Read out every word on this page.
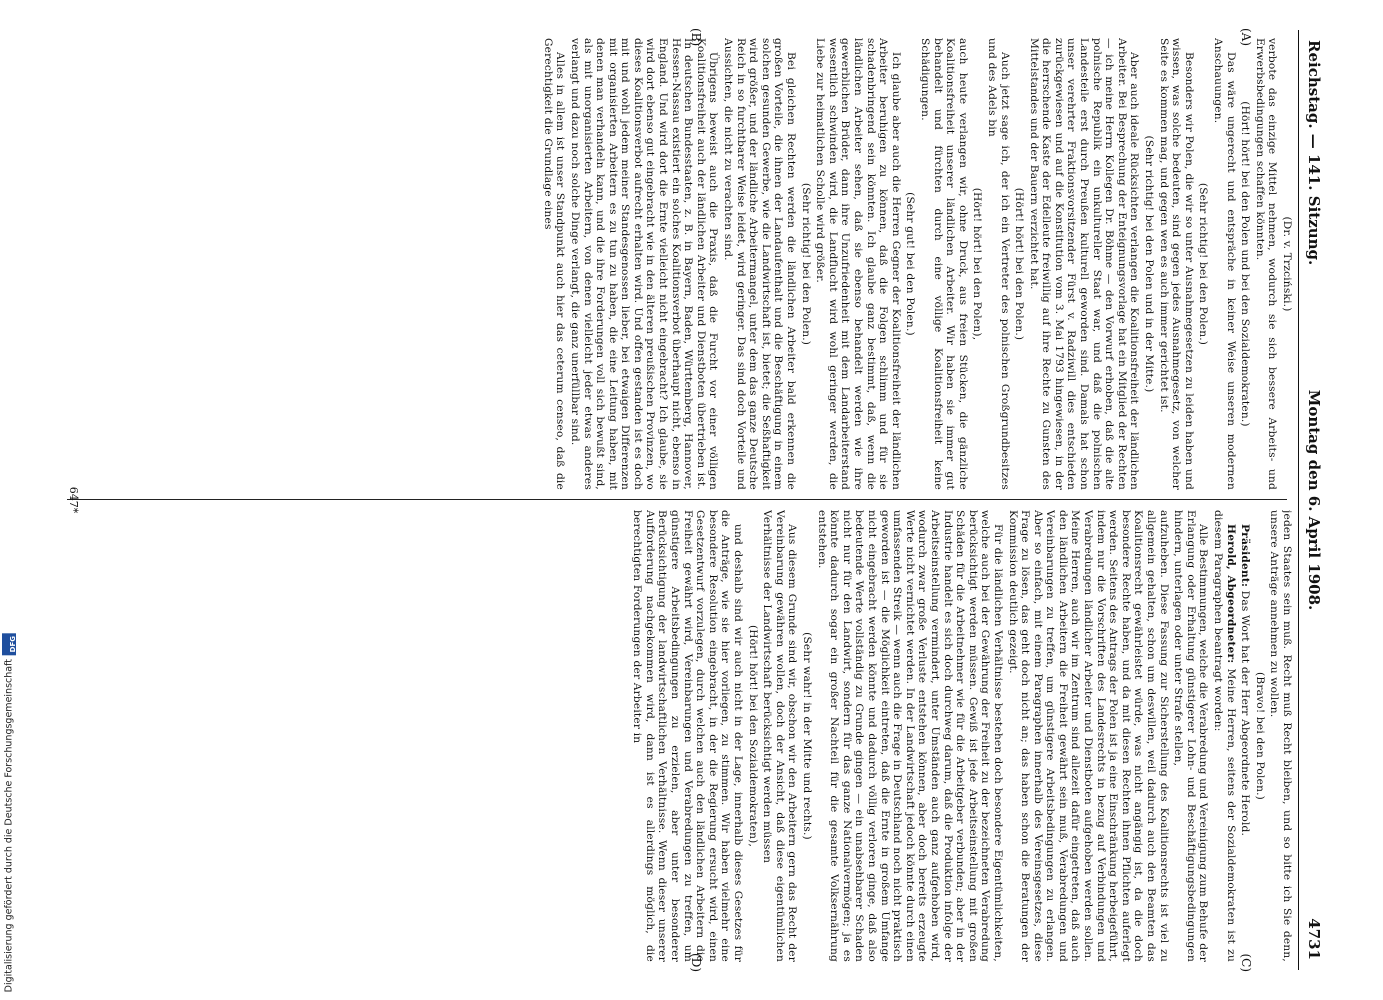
Reichstag. — 141. Sitzung.
Montag den 6. April 1908.
4731

(Dr. v. Trzciński.)

verbote das einzige Mittel nehmen, wodurch sie sich bessere Arbeits- und Erwerbsbedingungen schaffen könnten.

(Hört! hört! bei den Polen und bei den Sozialdemokraten.)

Das wäre ungerecht und entspräche in keiner Weise unseren modernen Anschauungen.

(Sehr richtig! bei den Polen.)

Besonders wir Polen, die wir so unter Ausnahmegesetzen zu leiden haben und wissen, was solche bedeuten, sind gegen jedes Ausnahmegesetz, von welcher Seite es kommen mag, und gegen wen es auch immer gerichtet ist.

(Sehr richtig! bei den Polen und in der Mitte.)

Aber auch ideale Rücksichten verlangen die Koalitionsfreiheit der ländlichen Arbeiter. Bei Besprechung der Enteignungsvorlage hat ein Mitglied der Rechten — ich meine Herrn Kollegen Dr. Böhme — den Vorwurf erhoben, daß die alte polnische Republik ein unkultureller Staat war, und daß die polnischen Landesteile erst durch Preußen kulturell geworden sind. Damals hat schon unser verehrter Fraktionsvorsitzender Fürst v. Radziwill dies entschieden zurückgewiesen und auf die Konstitution vom 3. Mai 1793 hingewiesen, in der die herrschende Kaste der Edelleute freiwillig auf ihre Rechte zu Gunsten des Mittelstandes und der Bauern verzichtet hat.

(Hört! hört! bei den Polen.)

Auch jetzt sage ich, der ich ein Vertreter des polnischen Großgrundbesitzes und des Adels bin

(Hört! hört! bei den Polen),

auch heute verlangen wir, ohne Druck, aus freien Stücken, die gänzliche Koalitionsfreiheit unserer ländlichen Arbeiter. Wir haben sie immer gut behandelt und fürchten durch eine völlige Koalitionsfreiheit keine Schädigungen.

(Sehr gut! bei den Polen.)

Ich glaube aber auch die Herren Gegner der Koalitionsfreiheit der ländlichen Arbeiter beruhigen zu können, daß die Folgen schlimm und für sie schadenbringend sein könnten. Ich glaube ganz bestimmt, daß, wenn die ländlichen Arbeiter sehen, daß sie ebenso behandelt werden wie ihre gewerblichen Brüder, dann ihre Unzufriedenheit mit dem Landarbeiterstand wesentlich schwinden wird, die Landflucht wird wohl geringer werden, die Liebe zur heimatlichen Scholle wird größer.

(Sehr richtig! bei den Polen.)

Bei gleichen Rechten werden die ländlichen Arbeiter bald erkennen die großen Vorteile, die ihnen der Landaufenthalt und die Beschäftigung in einem solchen gesunden Gewerbe, wie die Landwirtschaft ist, bietet; die Seßhaftigkeit wird größer, und der ländliche Arbeitermangel, unter dem das ganze Deutsche Reich in so furchtbarer Weise leidet, wird geringer. Das sind doch Vorteile und Aussichten, die nicht zu verachten sind.

Übrigens beweist auch die Praxis, daß die Furcht vor einer völligen Koalitionsfreiheit auch der ländlichen Arbeiter und Dienstboten übertrieben ist. In deutschen Bundesstaaten, z. B. in Bayern, Baden, Württemberg, Hannover, Hessen-Nassau existiert ein solches Koalitionsverbot überhaupt nicht, ebenso in England. Und wird dort die Ernte vielleicht nicht eingebracht? Ich glaube, sie wird dort ebenso gut eingebracht wie in den älteren preußischen Provinzen, wo dieses Koalitionsverbot aufrecht erhalten wird. Und offen gestanden ist es doch mit und wohl jedem meiner Standesgenossen lieber, bei etwaigen Differenzen mit organisierten Arbeitern es zu tun zu haben, die eine Leitung haben, mit denen man verhandeln kann, und die ihre Forderungen voll sich bewußt sind, als mit unorganisierten Arbeitern, von denen vielleicht jeder etwas anderes verlangt und dazu noch solche Dinge verlangt, die ganz unerfüllbar sind.

Alles in allem ist unser Standpunkt auch hier das ceterum censeo, daß die Gerechtigkeit die Grundlage eines

jeden Staates sein muß. Recht muß Recht bleiben, und so bitte ich Sie denn, unsere Anträge annehmen zu wollen.

(Bravo! bei den Polen.)

Präsident: Das Wort hat der Herr Abgeordnete Herold.

Herold, Abgeordneter: Meine Herren, seitens der Sozialdemokraten ist zu diesem Paragraphen beantragt worden:

Alle Bestimmungen, welche die Verabredung und Vereinigung zum Behufe der Erlangung oder Erhaltung günstigerer Lohn- und Beschäftigungsbedingungen hindern, unterlagen oder unter Strafe stellen,

aufzuheben. Diese Fassung zur Sicherstellung des Koalitionsrechts ist viel zu allgemein gehalten, schon um deswillen, weil dadurch auch den Beamten das Koalitionsrecht gewährleistet würde, was nicht angängig ist, da die doch besondere Rechte haben, und da mit diesen Rechten ihnen Pflichten auferlegt werden. Seitens des Antrags der Polen ist ja eine Einschränkung herbeigeführt, indem nur die Vorschriften des Landesrechts in bezug auf Verbindungen und Verabredungen ländlicher Arbeiter und Dienstboten aufgehoben werden sollen. Meine Herren, auch wir im Zentrum sind allezeit dafür eingetreten, daß auch den ländlichen Arbeitern die Freiheit gewährt sein muß, Verabredungen und Vereinbarungen zu treffen, um günstigere Arbeitsbedingungen zu erlangen. Aber so einfach, mit einem Paragraphen innerhalb des Vereinsgesetzes, diese Frage zu lösen, das geht doch nicht an; das haben schon die Beratungen der Kommission deutlich gezeigt.

Für die ländlichen Verhältnisse bestehen doch besondere Eigentümlichkeiten, welche auch bei der Gewährung der Freiheit zu der bezeichneten Verabredung berücksichtigt werden müssen. Gewiß ist jede Arbeitseinstellung mit großen Schäden für die Arbeitnehmer wie für die Arbeitgeber verbunden; aber in der Industrie handelt es sich doch durchweg darum, daß die Produktion infolge der Arbeitseinstellung vermindert, unter Umständen auch ganz aufgehoben wird, wodurch zwar große Verluste entstehen können, aber doch bereits erzeugte Werte nicht vernichtet werden. In der Landwirtschaft jedoch könnte durch einen umfassenden Streik — wenn auch die Frage in Deutschland noch nicht praktisch geworden ist — die Möglichkeit eintreten, daß die Ernte in großem Umfange nicht eingebracht werden könnte und dadurch völlig verloren ginge, daß also bedeutende Werte vollständig zu Grunde gingen — ein unabsehbarer Schaden nicht nur für den Landwirt, sondern für das ganze Nationalvermögen; ja es könnte dadurch sogar ein großer Nachteil für die gesamte Volksernährung entstehen.

(Sehr wahr! in der Mitte und rechts.)

Aus diesem Grunde sind wir, obschon wir den Arbeitern gern das Recht der Vereinbarung gewähren wollen, doch der Ansicht, daß diese eigentümlichen Verhältnisse der Landwirtschaft berücksichtigt werden müssen

(Hört! hört! bei den Sozialdemokraten),

und deshalb sind wir auch nicht in der Lage, innerhalb dieses Gesetzes für die Anträge, wie sie hier vorliegen, zu stimmen. Wir haben vielmehr eine besondere Resolution eingebracht, in der die Regierung ersucht wird, einen Gesetzentwurf vorzulegen, durch welchen auch den ländlichen Arbeitern die Freiheit gewährt wird, Vereinbarungen und Verabredungen zu treffen, um günstigere Arbeitsbedingungen zu erzielen, aber unter besonderer Berücksichtigung der landwirtschaftlichen Verhältnisse. Wenn dieser unserer Aufforderung nachgekommen wird, dann ist es allerdings möglich, die berechtigten Forderungen der Arbeiter in

(A)
(B)
(C)
(D)
647*
Digitalisierung gefördert durch die Deutsche Forschungsgemeinschaft
DFG
